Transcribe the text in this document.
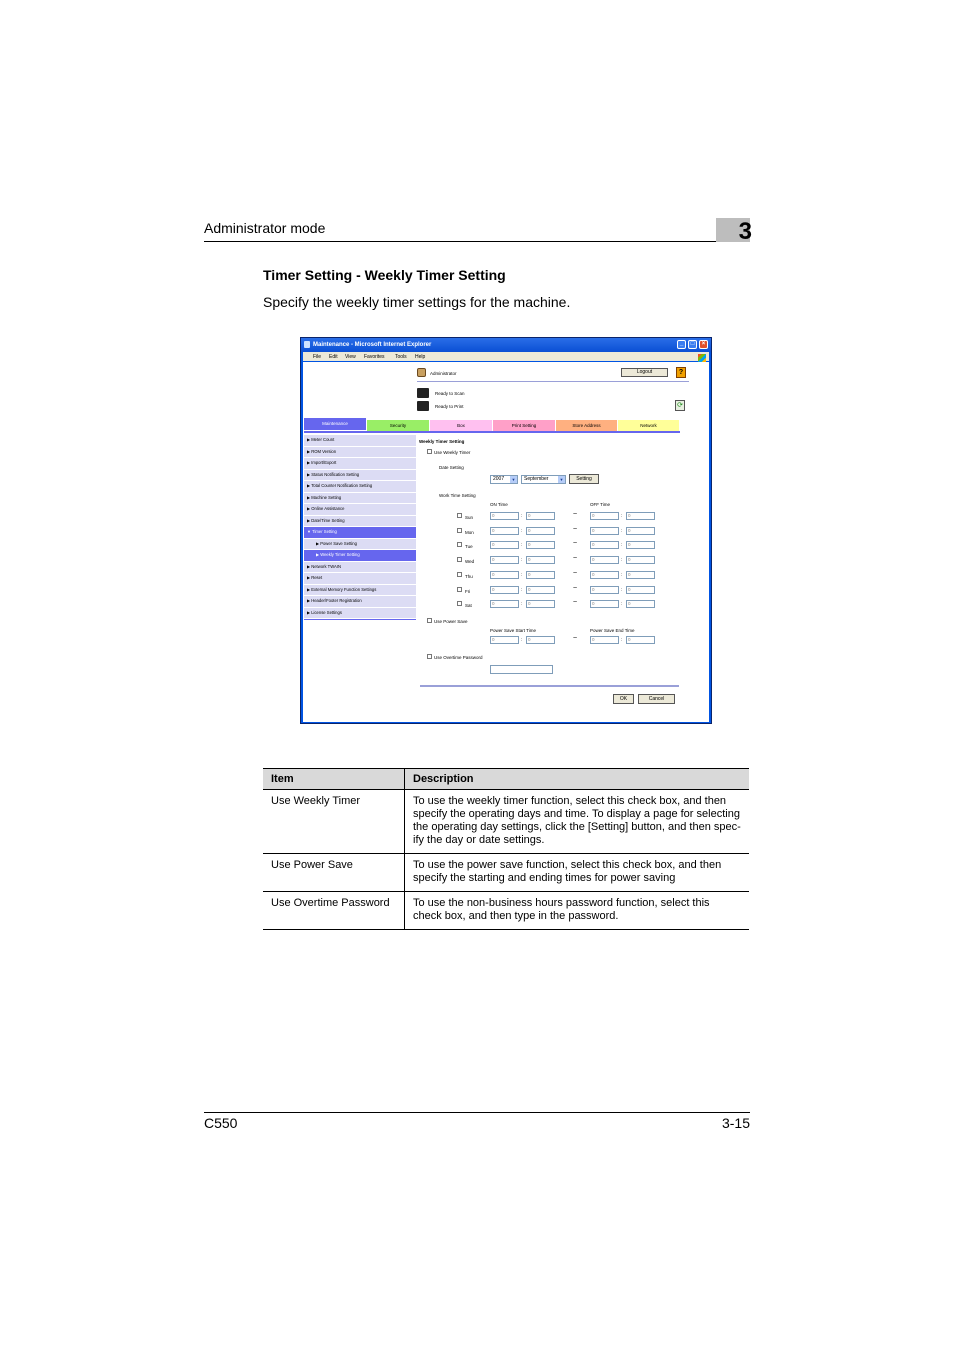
Administrator mode	3
Timer Setting - Weekly Timer Setting
Specify the weekly timer settings for the machine.
Maintenance - Microsoft Internet Explorer	_	□	×
File Edit View Favorites Tools Help
Administrator	Logout	?
Ready to Scan
Ready to Print	⟳
Maintenance	Security	Box	Print Setting	Store Address	Network
▶ Meter Count
▶ ROM Version
▶ Import/Export
▶ Status Notification Setting
▶ Total Counter Notification Setting
▶ Machine Setting
▶ Online Assistance
▶ Date/Time Setting
▼ Timer Setting
▶ Power Save Setting
▶ Weekly Timer Setting
▶ Network TWAIN
▶ Reset
▶ External Memory Function Settings
▶ Header/Footer Registration
▶ License Settings
Weekly Timer Setting
Use Weekly Timer
Date Setting
2007	▼	September	▼	Setting
Work Time Setting
ON Time	OFF Time
Sun	0	:	0	~	0	:	0
Mon	0	:	0	~	0	:	0
Tue	0	:	0	~	0	:	0
Wed	0	:	0	~	0	:	0
Thu	0	:	0	~	0	:	0
Fri	0	:	0	~	0	:	0
Sat	0	:	0	~	0	:	0
Use Power Save
Power Save Start Time	Power Save End Time
0	:	0	~	0	:	0
Use Overtime Password
OK	Cancel
Item	Description
Use Weekly Timer	To use the weekly timer function, select this check box, and then specify the operating days and time. To display a page for selecting the operating day settings, click the [Setting] button, and then spec- ify the day or date settings.
Use Power Save	To use the power save function, select this check box, and then specify the starting and ending times for power saving
Use Overtime Password	To use the non-business hours password function, select this check box, and then type in the password.
C550	3-15
